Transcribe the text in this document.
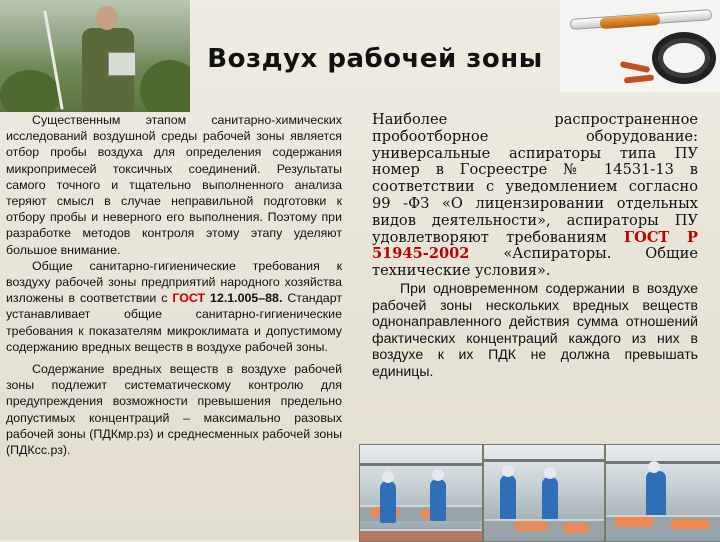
Воздух рабочей зоны

Существенным этапом санитарно-химических исследований воздушной среды рабочей зоны является отбор пробы воздуха для определения содержания микропримесей токсичных соединений. Результаты самого точного и тщательно выполненного анализа теряют смысл в случае неправильной подготовки к отбору пробы и неверного его выполнения. Поэтому при разработке методов контроля этому этапу уделяют большое внимание.

Общие санитарно-гигиенические требования к воздуху рабочей зоны предприятий народного хозяйства изложены в соответствии с ГОСТ 12.1.005–88. Стандарт устанавливает общие санитарно-гигиенические требования к показателям микроклимата и допустимому содержанию вредных веществ в воздухе рабочей зоны.

Содержание вредных веществ в воздухе рабочей зоны подлежит систематическому контролю для предупреждения возможности превышения предельно допустимых концентраций – максимально разовых рабочей зоны (ПДКмр.рз) и среднесменных рабочей зоны (ПДКсс.рз).

Наиболее распространенное пробоотборное оборудование: универсальные аспираторы типа ПУ номер в Госреестре № 14531-13 в соответствии с уведомлением согласно 99 -ФЗ «О лицензировании отдельных видов деятельности», аспираторы ПУ удовлетворяют требованиям ГОСТ Р 51945-2002 «Аспираторы. Общие технические условия».

При одновременном содержании в воздухе рабочей зоны нескольких вредных веществ однонаправленного действия сумма отношений фактических концентраций каждого из них в воздухе к их ПДК не должна превышать единицы.
